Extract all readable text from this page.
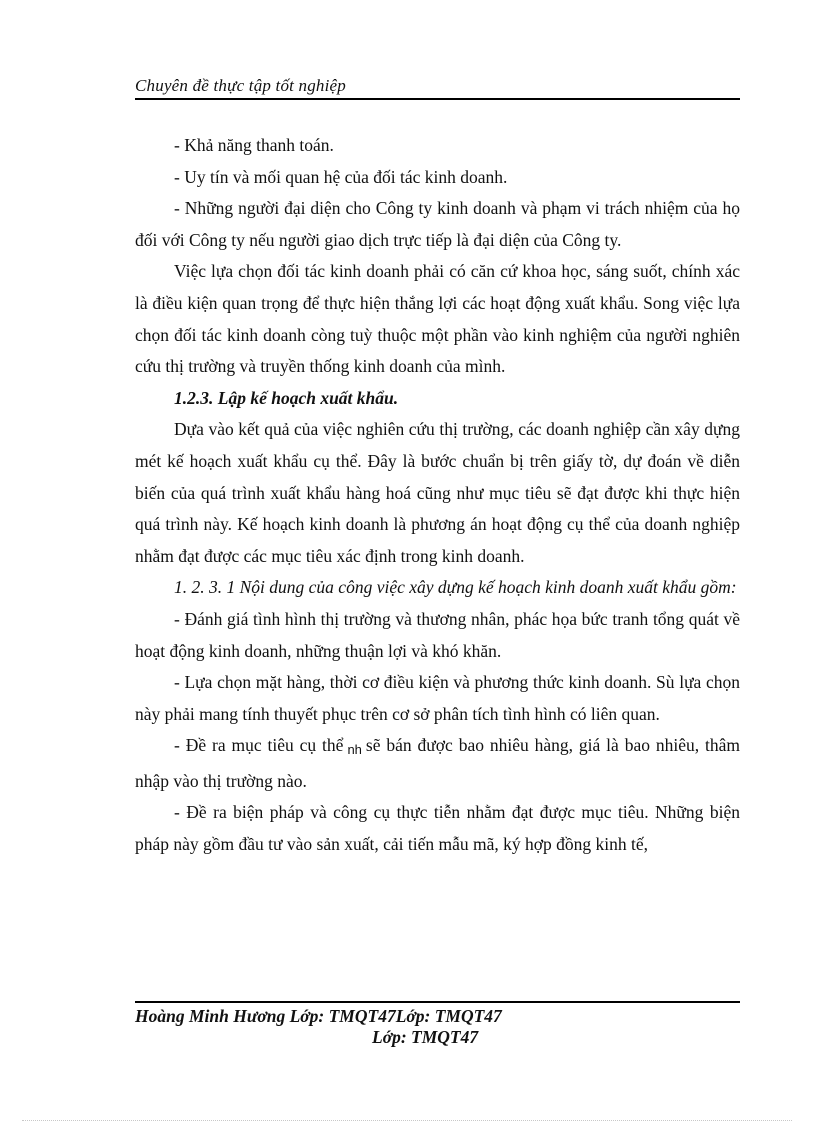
Chuyên đề thực tập tốt nghiệp

- Khả năng thanh toán.

- Uy tín và mối quan hệ của đối tác kinh doanh.

- Những người đại diện cho Công ty kinh doanh và phạm vi trách nhiệm của họ đối với Công ty nếu người giao dịch trực tiếp là đại diện của Công ty.

Việc lựa chọn đối tác kinh doanh phải có căn cứ khoa học, sáng suốt, chính xác là điều kiện quan trọng để thực hiện thắng lợi các hoạt động xuất khẩu. Song việc lựa chọn đối tác kinh doanh còng tuỳ thuộc một phần vào kinh nghiệm của người nghiên cứu thị trường và truyền thống kinh doanh của mình.

1.2.3. Lập kế hoạch xuất khẩu.

Dựa vào kết quả của việc nghiên cứu thị trường, các doanh nghiệp cần xây dựng mét kế hoạch xuất khẩu cụ thể. Đây là bước chuẩn bị trên giấy tờ, dự đoán về diễn biến của quá trình xuất khẩu hàng hoá cũng như mục tiêu sẽ đạt được khi thực hiện quá trình này. Kế hoạch kinh doanh là phương án hoạt động cụ thể của doanh nghiệp nhằm đạt được các mục tiêu xác định trong kinh doanh.

1. 2. 3. 1 Nội dung của công việc xây dựng kế hoạch kinh doanh xuất khẩu gồm:

- Đánh giá tình hình thị trường và thương nhân, phác họa bức tranh tổng quát về hoạt động kinh doanh, những thuận lợi và khó khăn.

- Lựa chọn mặt hàng, thời cơ điều kiện và phương thức kinh doanh. Sù lựa chọn này phải mang tính thuyết phục trên cơ sở phân tích tình hình có liên quan.

- Đề ra mục tiêu cụ thể nh sẽ bán được bao nhiêu hàng, giá là bao nhiêu, thâm nhập vào thị trường nào.

- Đề ra biện pháp và công cụ thực tiễn nhằm đạt được mục tiêu. Những biện pháp này gồm đầu tư vào sản xuất, cải tiến mẫu mã, ký hợp đồng kinh tế,

Hoàng Minh Hương Lớp: TMQT47Lớp: TMQT47
Lớp: TMQT47
